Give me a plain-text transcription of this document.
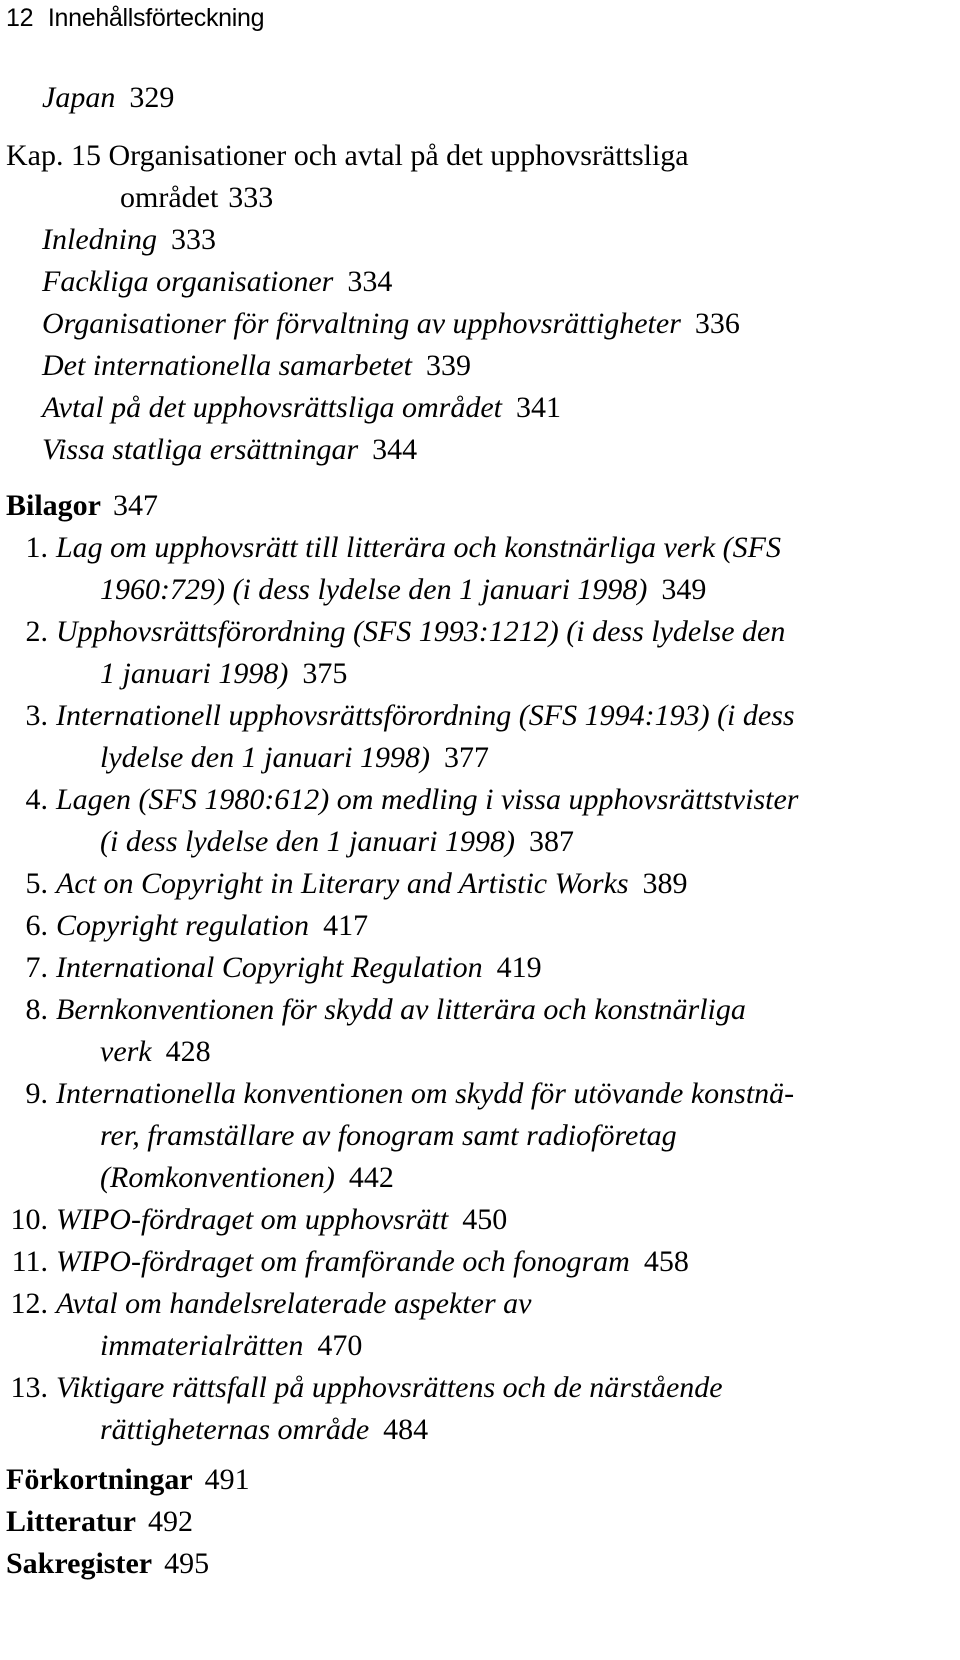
12 Innehållsförteckning
Japan 329
Kap. 15 Organisationer och avtal på det upphovsrättsliga
området 333
Inledning 333
Fackliga organisationer 334
Organisationer för förvaltning av upphovsrättigheter 336
Det internationella samarbetet 339
Avtal på det upphovsrättsliga området 341
Vissa statliga ersättningar 344
Bilagor 347
1. Lag om upphovsrätt till litterära och konstnärliga verk (SFS
1960:729) (i dess lydelse den 1 januari 1998) 349
2. Upphovsrättsförordning (SFS 1993:1212) (i dess lydelse den
1 januari 1998) 375
3. Internationell upphovsrättsförordning (SFS 1994:193) (i dess
lydelse den 1 januari 1998) 377
4. Lagen (SFS 1980:612) om medling i vissa upphovsrättstvister
(i dess lydelse den 1 januari 1998) 387
5. Act on Copyright in Literary and Artistic Works 389
6. Copyright regulation 417
7. International Copyright Regulation 419
8. Bernkonventionen för skydd av litterära och konstnärliga
verk 428
9. Internationella konventionen om skydd för utövande konstnä-
rer, framställare av fonogram samt radioföretag
(Romkonventionen) 442
10. WIPO-fördraget om upphovsrätt 450
11. WIPO-fördraget om framförande och fonogram 458
12. Avtal om handelsrelaterade aspekter av
immaterialrätten 470
13. Viktigare rättsfall på upphovsrättens och de närstående
rättigheternas område 484
Förkortningar 491
Litteratur 492
Sakregister 495
